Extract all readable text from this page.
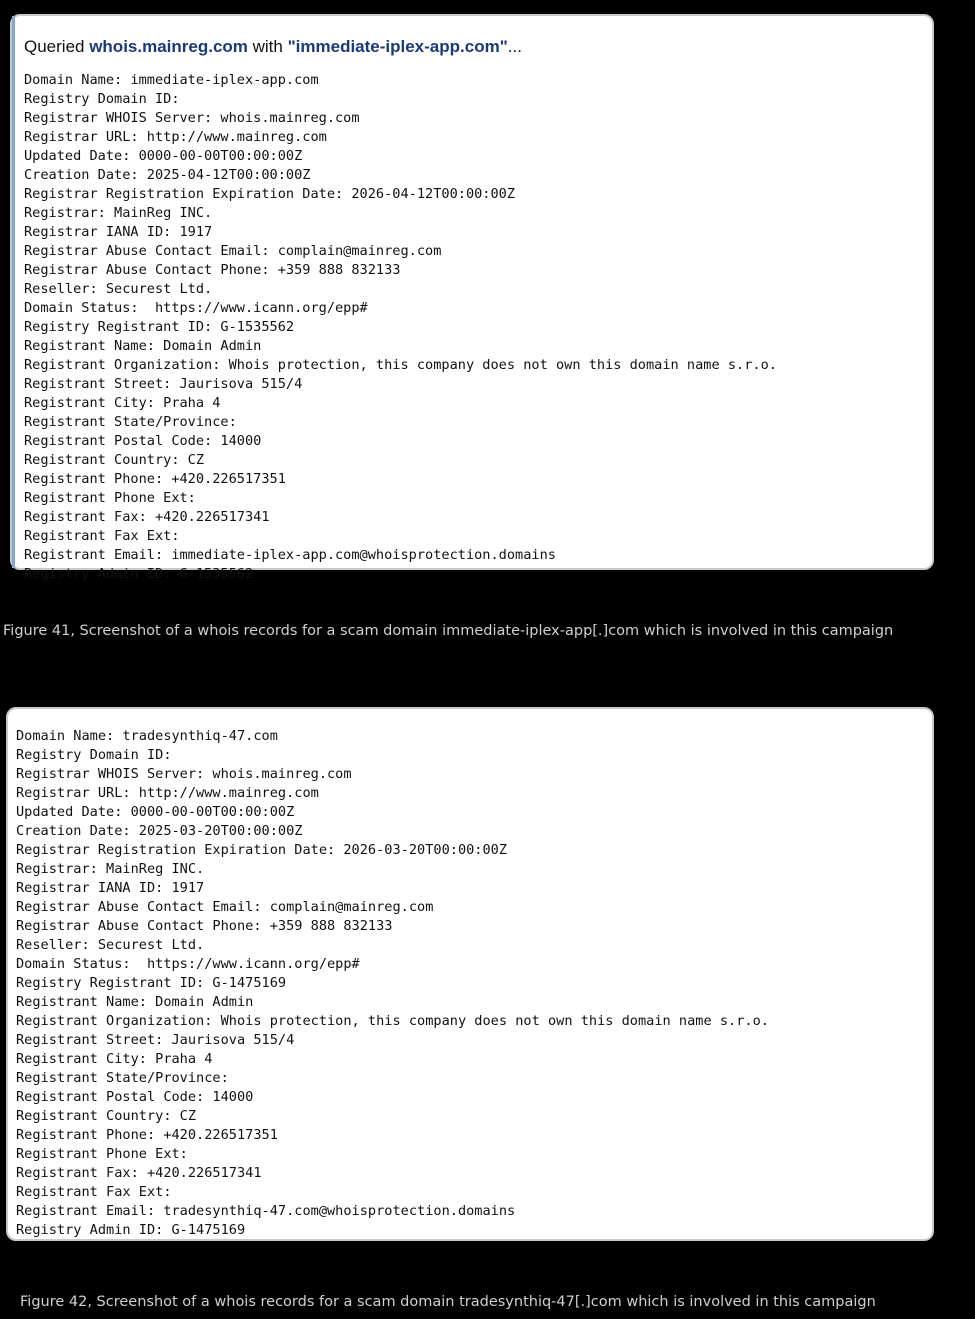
Queried whois.mainreg.com with "immediate-iplex-app.com"...
Domain Name: immediate-iplex-app.com
Registry Domain ID:
Registrar WHOIS Server: whois.mainreg.com
Registrar URL: http://www.mainreg.com
Updated Date: 0000-00-00T00:00:00Z
Creation Date: 2025-04-12T00:00:00Z
Registrar Registration Expiration Date: 2026-04-12T00:00:00Z
Registrar: MainReg INC.
Registrar IANA ID: 1917
Registrar Abuse Contact Email: complain@mainreg.com
Registrar Abuse Contact Phone: +359 888 832133
Reseller: Securest Ltd.
Domain Status:  https://www.icann.org/epp#
Registry Registrant ID: G-1535562
Registrant Name: Domain Admin
Registrant Organization: Whois protection, this company does not own this domain name s.r.o.
Registrant Street: Jaurisova 515/4
Registrant City: Praha 4
Registrant State/Province:
Registrant Postal Code: 14000
Registrant Country: CZ
Registrant Phone: +420.226517351
Registrant Phone Ext:
Registrant Fax: +420.226517341
Registrant Fax Ext:
Registrant Email: immediate-iplex-app.com@whoisprotection.domains
Registry Admin ID: G-1535562
Figure 41, Screenshot of a whois records for a scam domain immediate-iplex-app[.]com which is involved in this campaign
Domain Name: tradesynthiq-47.com
Registry Domain ID:
Registrar WHOIS Server: whois.mainreg.com
Registrar URL: http://www.mainreg.com
Updated Date: 0000-00-00T00:00:00Z
Creation Date: 2025-03-20T00:00:00Z
Registrar Registration Expiration Date: 2026-03-20T00:00:00Z
Registrar: MainReg INC.
Registrar IANA ID: 1917
Registrar Abuse Contact Email: complain@mainreg.com
Registrar Abuse Contact Phone: +359 888 832133
Reseller: Securest Ltd.
Domain Status:  https://www.icann.org/epp#
Registry Registrant ID: G-1475169
Registrant Name: Domain Admin
Registrant Organization: Whois protection, this company does not own this domain name s.r.o.
Registrant Street: Jaurisova 515/4
Registrant City: Praha 4
Registrant State/Province:
Registrant Postal Code: 14000
Registrant Country: CZ
Registrant Phone: +420.226517351
Registrant Phone Ext:
Registrant Fax: +420.226517341
Registrant Fax Ext:
Registrant Email: tradesynthiq-47.com@whoisprotection.domains
Registry Admin ID: G-1475169
Figure 42, Screenshot of a whois records for a scam domain tradesynthiq-47[.]com which is involved in this campaign
